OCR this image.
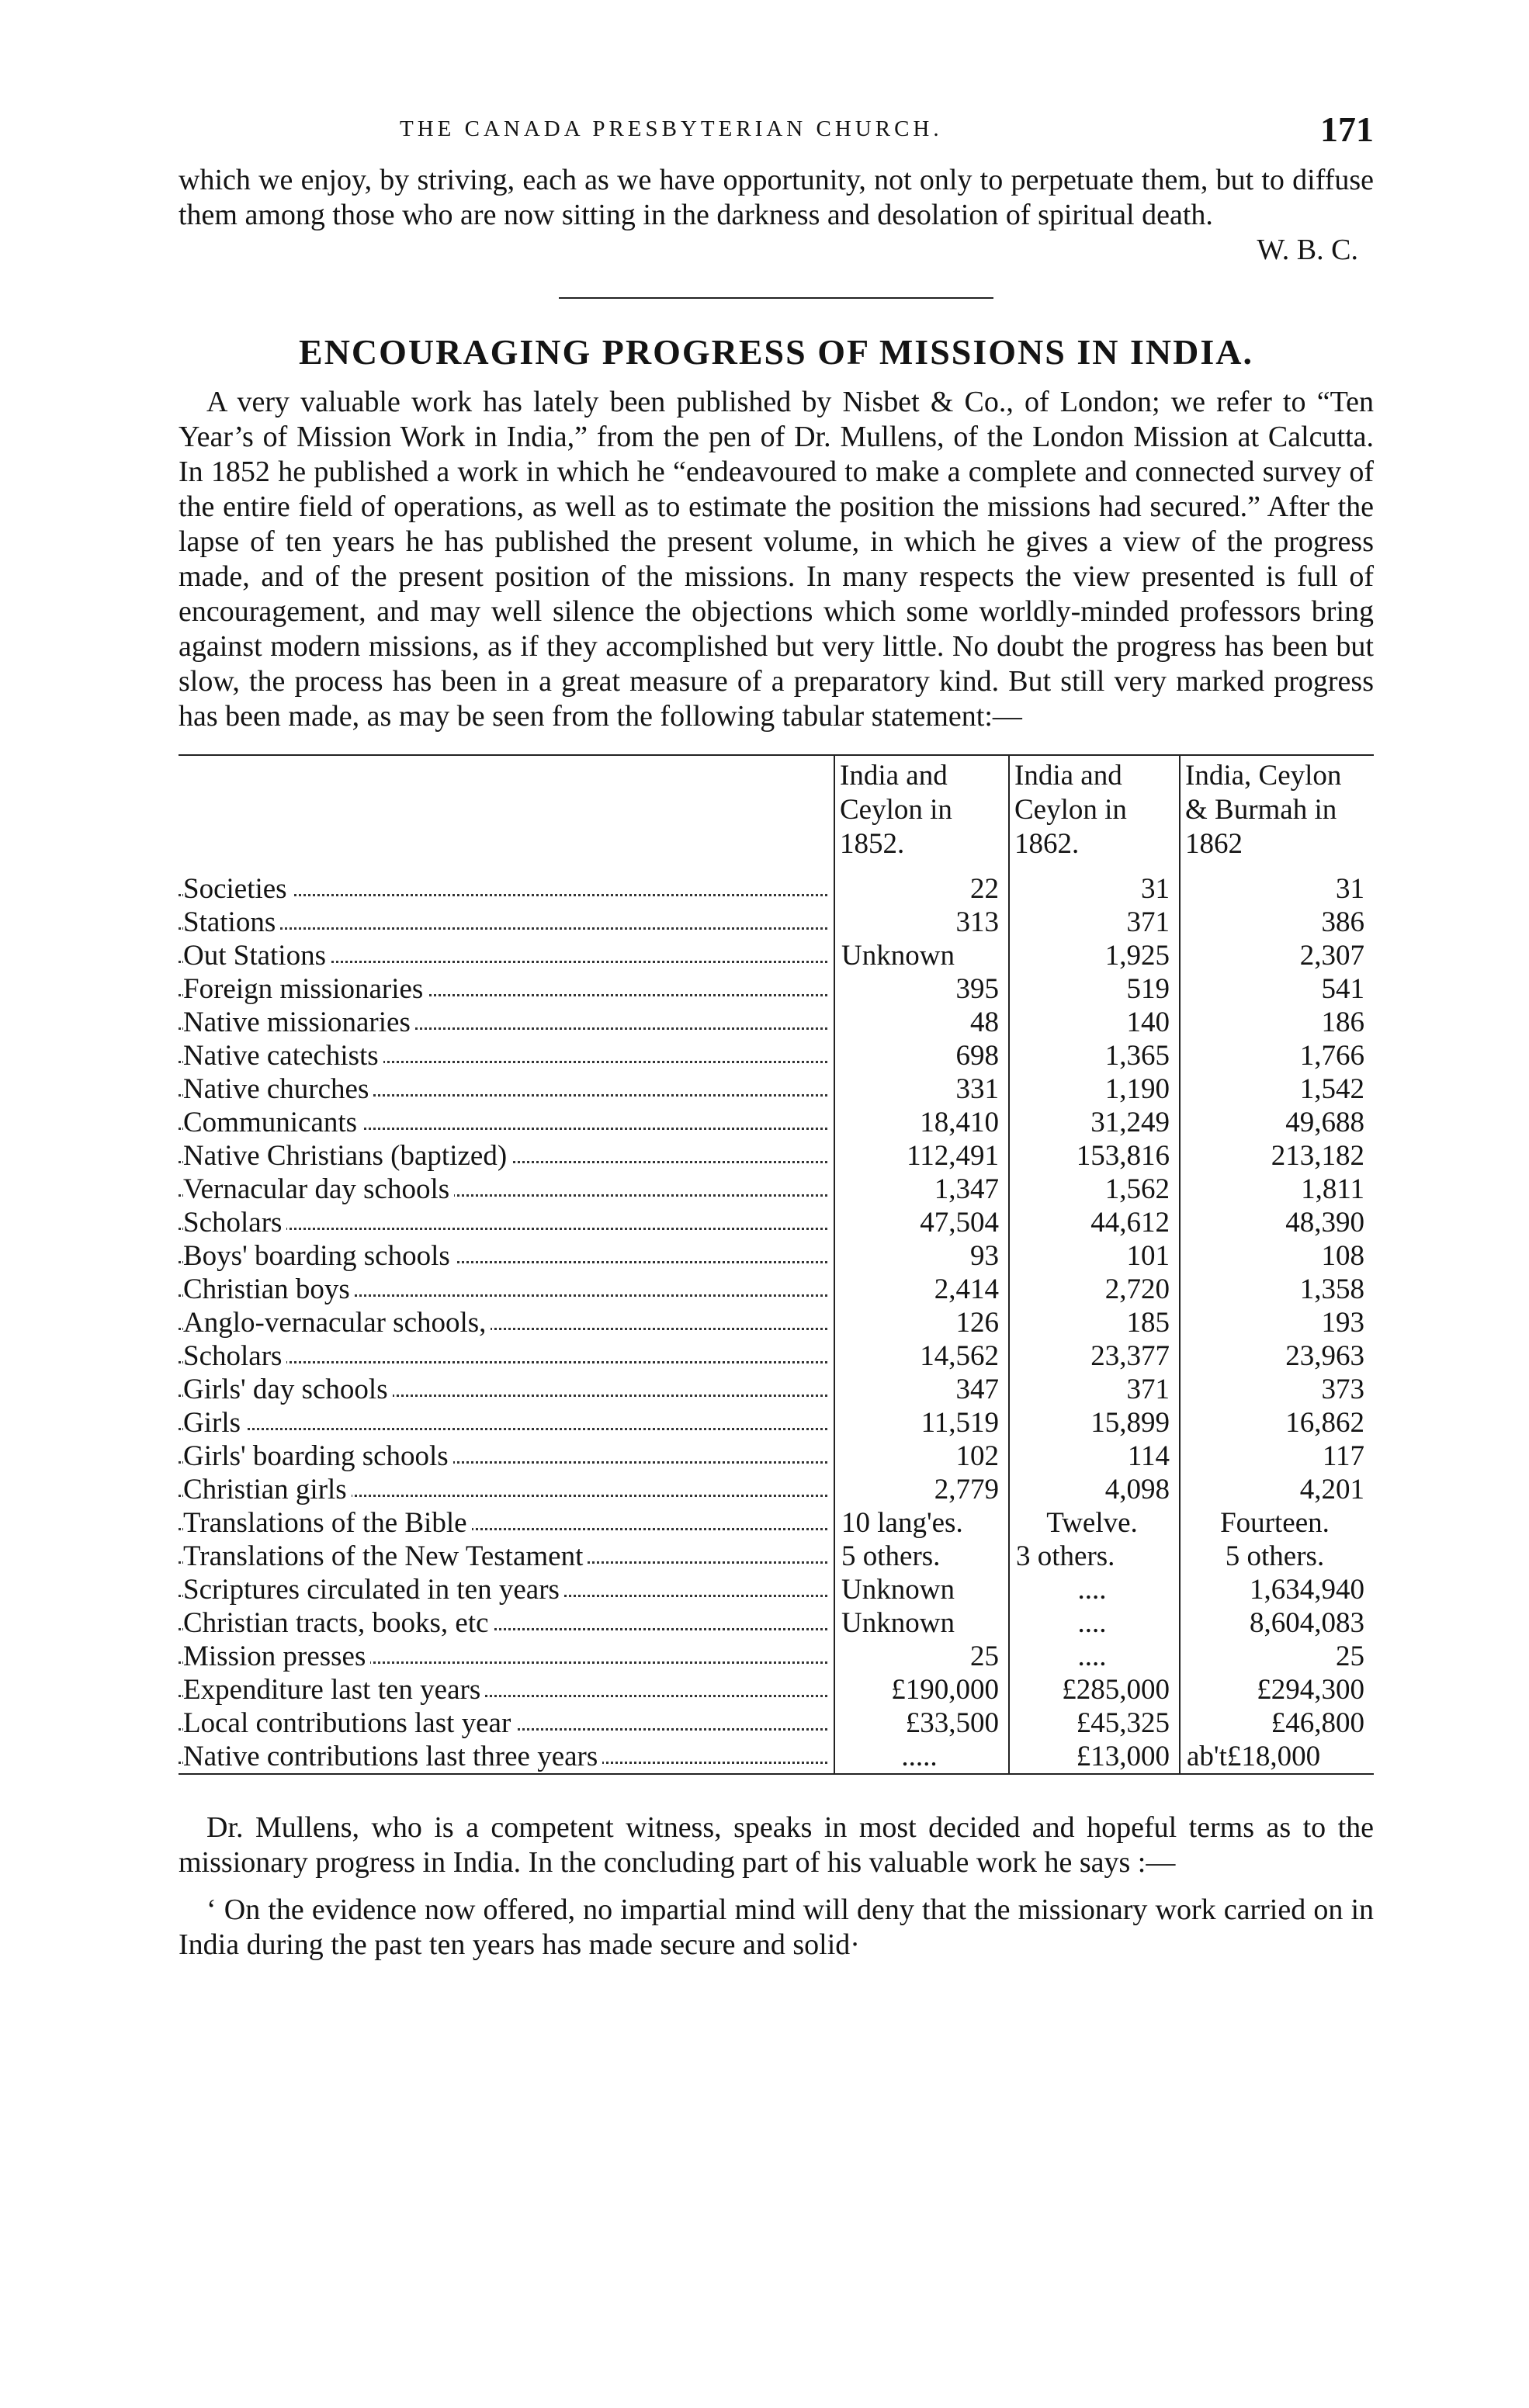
THE CANADA PRESBYTERIAN CHURCH.	171

which we enjoy, by striving, each as we have opportunity, not only to perpetuate them, but to diffuse them among those who are now sitting in the darkness and desolation of spiritual death.

W. B. C.
ENCOURAGING PROGRESS OF MISSIONS IN INDIA.

A very valuable work has lately been published by Nisbet & Co., of London; we refer to “Ten Year’s of Mission Work in India,” from the pen of Dr. Mullens, of the London Mission at Calcutta. In 1852 he published a work in which he “endeavoured to make a complete and connected survey of the entire field of operations, as well as to estimate the position the missions had secured.” After the lapse of ten years he has published the present volume, in which he gives a view of the progress made, and of the present position of the missions. In many respects the view presented is full of encouragement, and may well silence the objections which some worldly-minded professors bring against modern missions, as if they accomplished but very little. No doubt the progress has been but slow, the process has been in a great measure of a preparatory kind. But still very marked progress has been made, as may be seen from the following tabular statement:—

	India and Ceylon in 1852.	India and Ceylon in 1862.	India, Ceylon & Burmah in 1862

Societies	22	31	31

Stations	313	371	386

Out Stations	Unknown	1,925	2,307

Foreign missionaries	395	519	541

Native missionaries	48	140	186

Native catechists	698	1,365	1,766

Native churches	331	1,190	1,542

Communicants	18,410	31,249	49,688

Native Christians (baptized)	112,491	153,816	213,182

Vernacular day schools	1,347	1,562	1,811

Scholars	47,504	44,612	48,390

Boys' boarding schools	93	101	108

Christian boys	2,414	2,720	1,358

Anglo-vernacular schools,	126	185	193

Scholars	14,562	23,377	23,963

Girls' day schools	347	371	373

Girls	11,519	15,899	16,862

Girls' boarding schools	102	114	117

Christian girls	2,779	4,098	4,201

Translations of the Bible	10 lang'es.	Twelve.	Fourteen.

Translations of the New Testament	5 others.	3 others.	5 others.

Scriptures circulated in ten years	Unknown	....	1,634,940

Christian tracts, books, etc	Unknown	....	8,604,083

Mission presses	25	....	25

Expenditure last ten years	£190,000	£285,000	£294,300

Local contributions last year	£33,500	£45,325	£46,800

Native contributions last three years	.....	£13,000	ab't£18,000

Dr. Mullens, who is a competent witness, speaks in most decided and hopeful terms as to the missionary progress in India. In the concluding part of his valuable work he says :—

‘ On the evidence now offered, no impartial mind will deny that the missionary work carried on in India during the past ten years has made secure and solid·
